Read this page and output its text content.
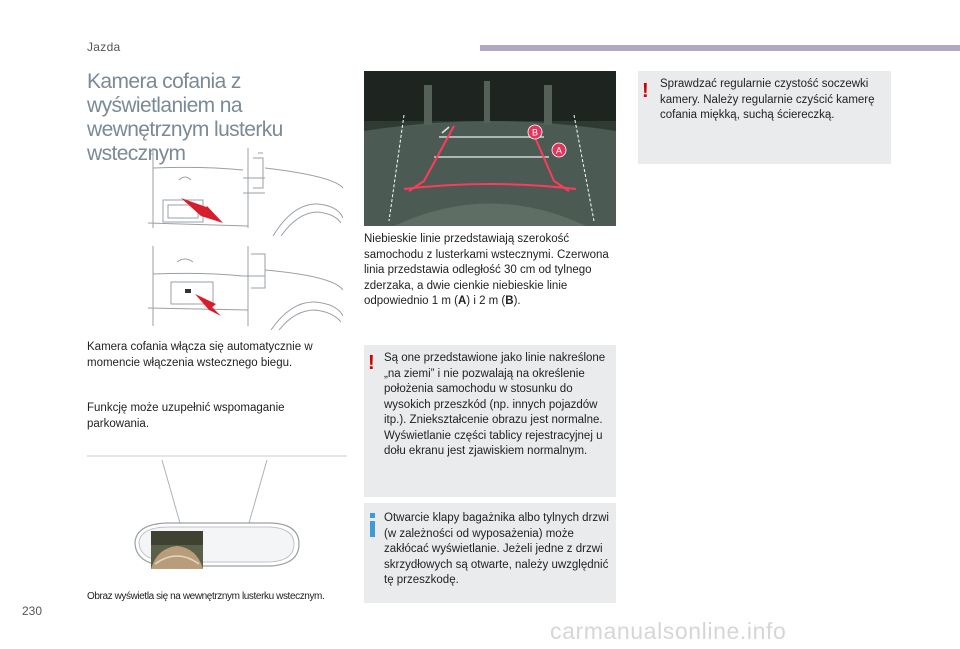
Jazda
Kamera cofania z wyświetlaniem na wewnętrznym lusterku wstecznym
Kamera cofania włącza się automatycznie w momencie włączenia wstecznego biegu.
Funkcję może uzupełnić wspomaganie parkowania.
Obraz wyświetla się na wewnętrznym lusterku wstecznym.
B
A
Niebieskie linie przedstawiają szerokość samochodu z lusterkami wstecznymi. Czerwona linia przedstawia odległość 30 cm od tylnego zderzaka, a dwie cienkie niebieskie linie odpowiednio 1 m (A) i 2 m (B).
! Są one przedstawione jako linie nakreślone „na ziemi” i nie pozwalają na określenie położenia samochodu w stosunku do wysokich przeszkód (np. innych pojazdów itp.). Zniekształcenie obrazu jest normalne. Wyświetlanie części tablicy rejestracyjnej u dołu ekranu jest zjawiskiem normalnym.
Otwarcie klapy bagażnika albo tylnych drzwi (w zależności od wyposażenia) może zakłócać wyświetlanie. Jeżeli jedne z drzwi skrzydłowych są otwarte, należy uwzględnić tę przeszkodę.
! Sprawdzać regularnie czystość soczewki kamery. Należy regularnie czyścić kamerę cofania miękką, suchą ściereczką.
230
carmanualsonline.info
